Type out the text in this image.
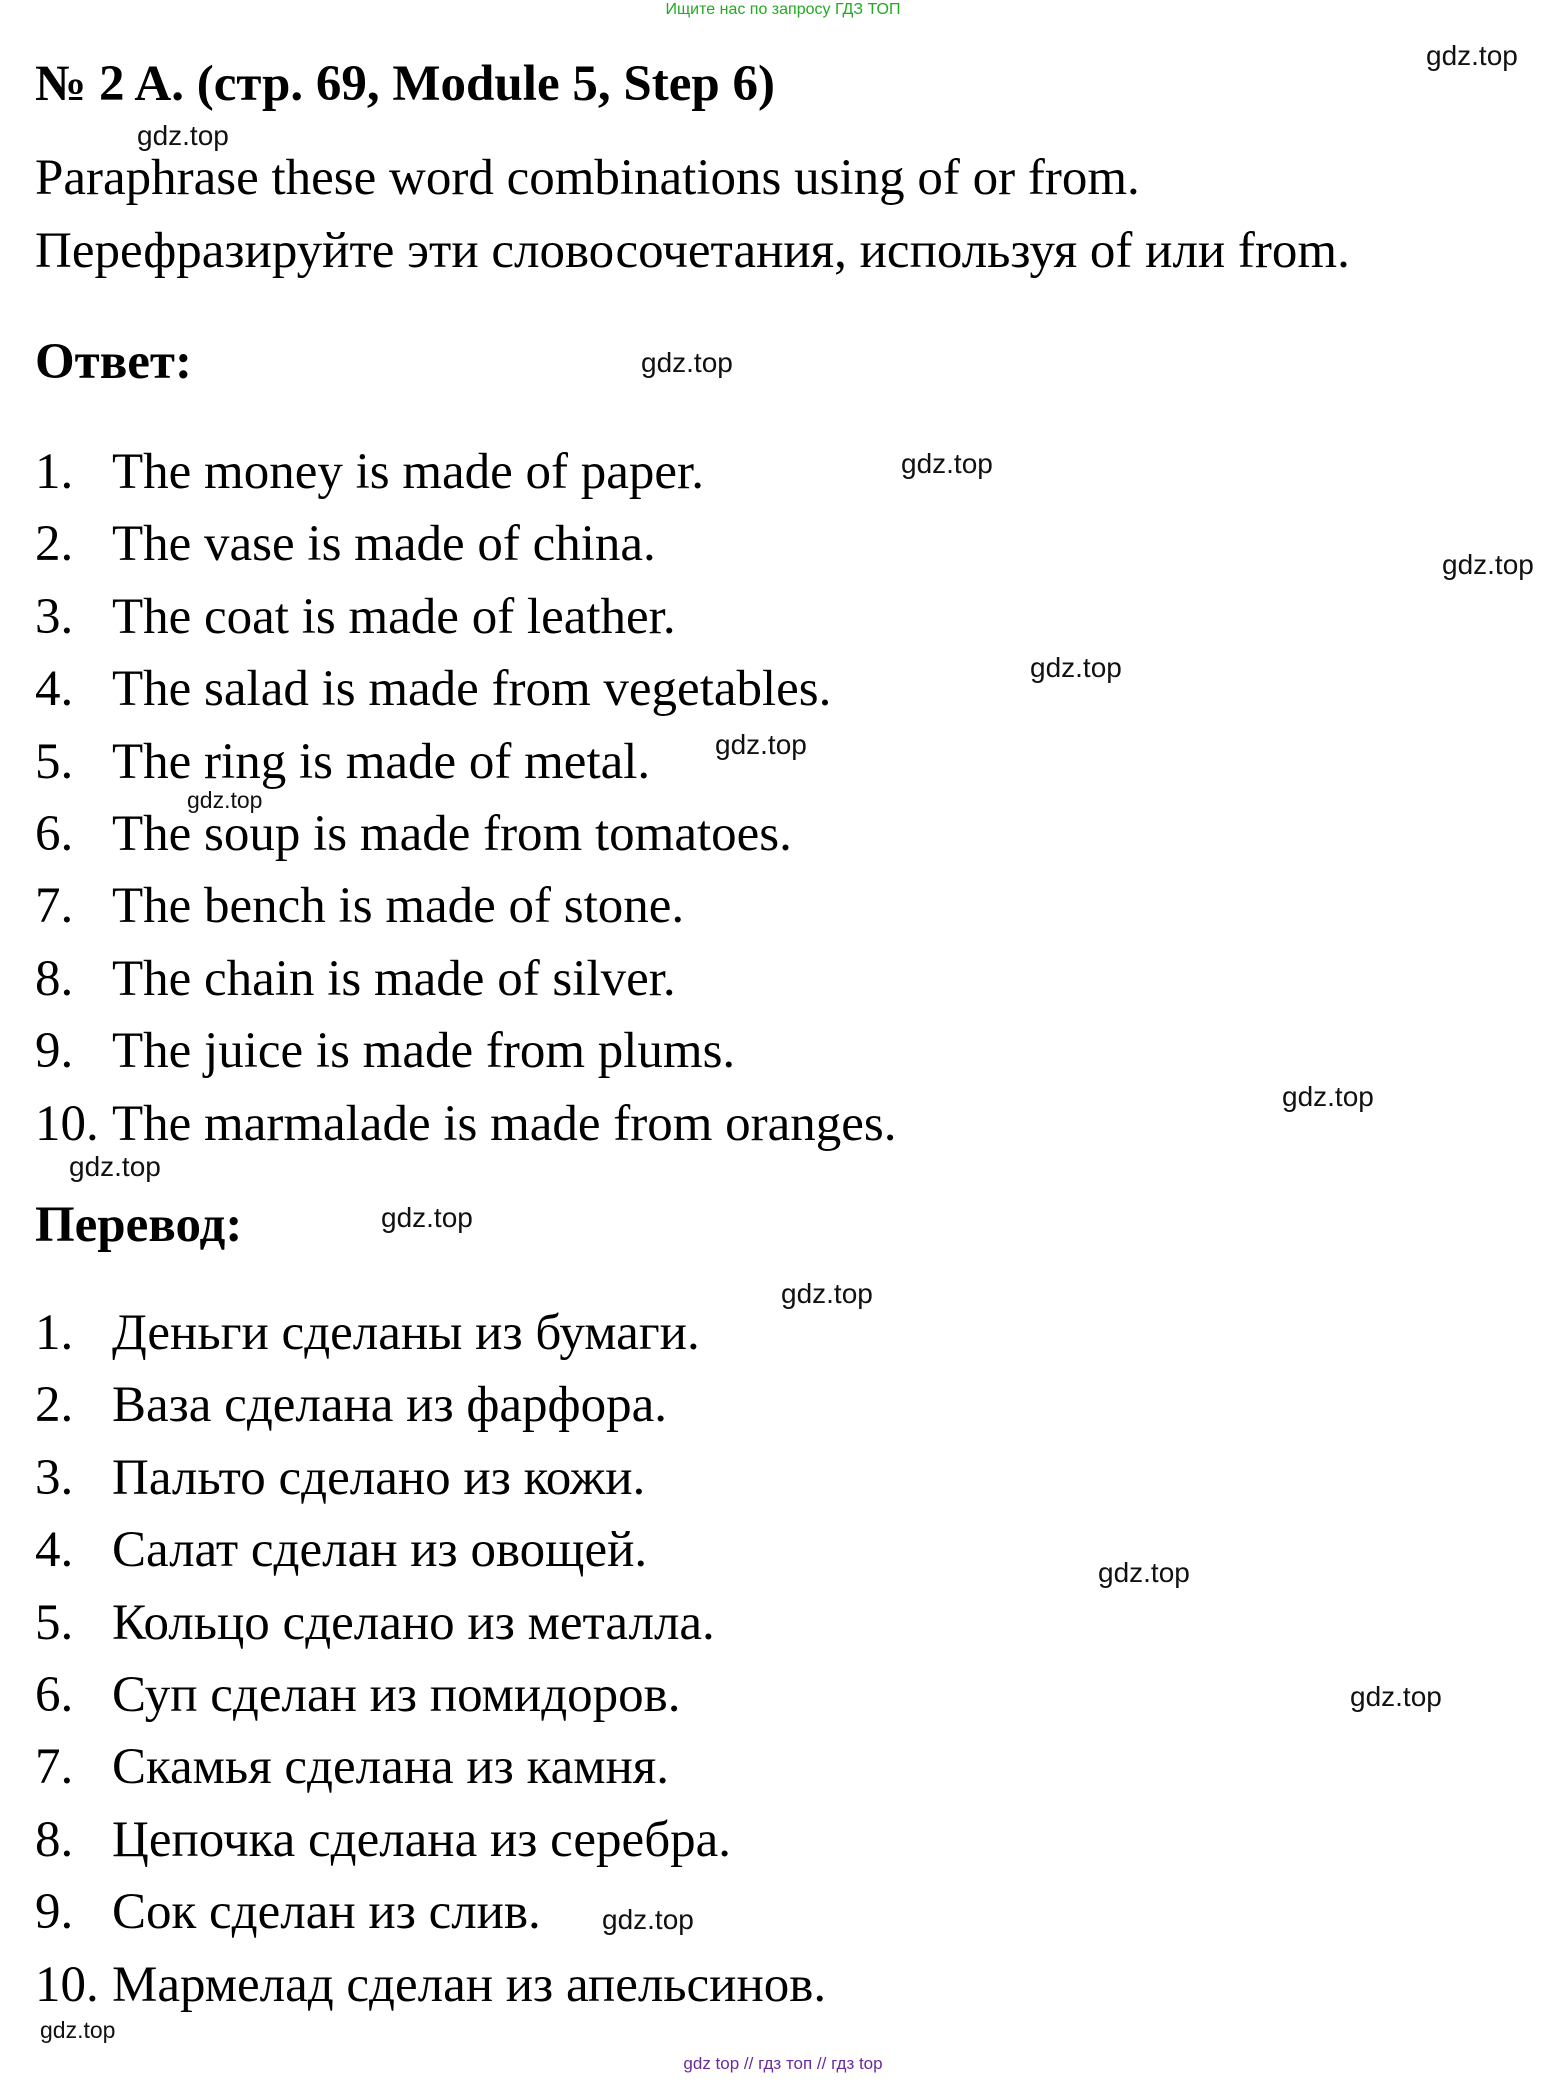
Ищите нас по запросу ГДЗ ТОП
№ 2 A. (стр. 69, Module 5, Step 6)
Paraphrase these word combinations using of or from.
Перефразируйте эти словосочетания, используя of или from.
Ответ:
1. The money is made of paper.
2. The vase is made of china.
3. The coat is made of leather.
4. The salad is made from vegetables.
5. The ring is made of metal.
6. The soup is made from tomatoes.
7. The bench is made of stone.
8. The chain is made of silver.
9. The juice is made from plums.
10. The marmalade is made from oranges.
Перевод:
1. Деньги сделаны из бумаги.
2. Ваза сделана из фарфора.
3. Пальто сделано из кожи.
4. Салат сделан из овощей.
5. Кольцо сделано из металла.
6. Суп сделан из помидоров.
7. Скамья сделана из камня.
8. Цепочка сделана из серебра.
9. Сок сделан из слив.
10. Мармелад сделан из апельсинов.
gdz.top
gdz.top
gdz.top
gdz.top
gdz.top
gdz.top
gdz.top
gdz.top
gdz.top
gdz.top
gdz.top
gdz.top
gdz.top
gdz.top
gdz.top
gdz.top
gdz top // гдз топ // гдз top
